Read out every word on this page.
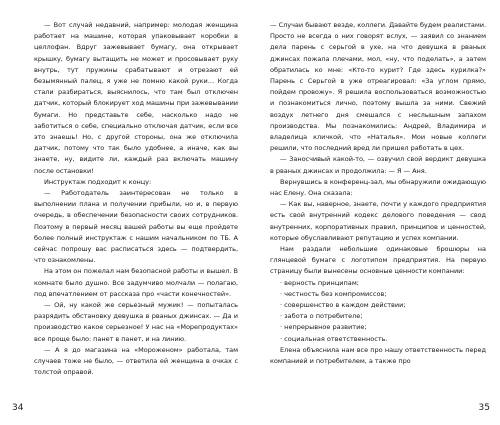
— Вот случай недавний, например: молодая женщина работает на машине, которая упаковывает коробки в целлофан. Вдруг зажевывает бумагу, она открывает крышку, бумагу вытащить не может и просовывает руку внутрь, тут пружины срабатывают и отрезают ей безымянный палец, я уже не помню какой руки… Когда стали разбираться, выяснилось, что там был отключен датчик, который блокирует ход машины при зажевывании бумаги. Но представьте себе, насколько надо не заботиться о себе, специально отключая датчик, если все это знаешь! Но, с другой стороны, она же отключила датчик, потому что так было удобнее, а иначе, как вы знаете, ну, видите ли, каждый раз включать машину после остановки!

Инструктаж подходит к концу:

— Работодатель заинтересован не только в выполнении плана и получении прибыли, но и, в первую очередь, в обеспечении безопасности своих сотрудников. Поэтому в первый месяц вашей работы вы еще пройдете более полный инструктаж с нашим начальником по ТБ. А сейчас попрошу вас расписаться здесь — подтвердить, что ознакомлены.

На этом он пожелал нам безопасной работы и вышел. В комнате было душно. Все задумчиво молчали — полагаю, под впечатлением от рассказа про «части конечностей».

— Ой, ну какой же серьезный мужик! — попыталась разрядить обстановку девушка в рваных джинсах. — Да и производство какое серьезное! У нас на «Морепродуктах» все проще было: панет в панет, и на линию.

— А я до магазина на «Мороженом» работала, там случаев тоже не было, — ответила ей женщина в очках с толстой оправой.

34

— Случаи бывают везде, коллеги. Давайте будем реалистами. Просто не всегда о них говорят вслух, — заявил со знанием дела парень с серьгой в ухе, на что девушка в рваных джинсах пожала плечами, мол, «ну, что поделать», а затем обратилась ко мне: «Кто-то курит? Где здесь курилка?» Парень с Серьгой в уже отреагировал: «За углом прямо, пойдем провожу». Я решила воспользоваться возможностью и познакомиться лично, поэтому вышла за ними. Свежий воздух летнего дня смешался с неслышным запахом производства. Мы познакомились: Андрей, Владимира и владелица кличкой, что «Наталья». Мои новые коллеги решили, что последний вред ли пришел работать в цех.

— Заносчивый какой-то, — озвучил свой вердикт девушка в рваных джинсах и продолжила: — Я — Аня.

Вернувшись в конференц-зал, мы обнаружили ожидающую нас Елену. Она сказала:

— Как вы, наверное, знаете, почти у каждого предприятия есть свой внутренний кодекс делового поведения — свод внутренних, корпоративных правил, принципов и ценностей, которые обуславливают репутацию и успех компании.

Нам раздали небольшие одинаковые брошюры на глянцевой бумаге с логотипом предприятия. На первую страницу были вынесены основные ценности компании:

· верность принципам;
· честность без компромиссов;
· совершенство в каждом действии;
· забота о потребителе;
· непрерывное развитие;
· социальная ответственность.

Елена объяснила нам все про нашу ответственность перед компанией и потребителем, а также про

35
